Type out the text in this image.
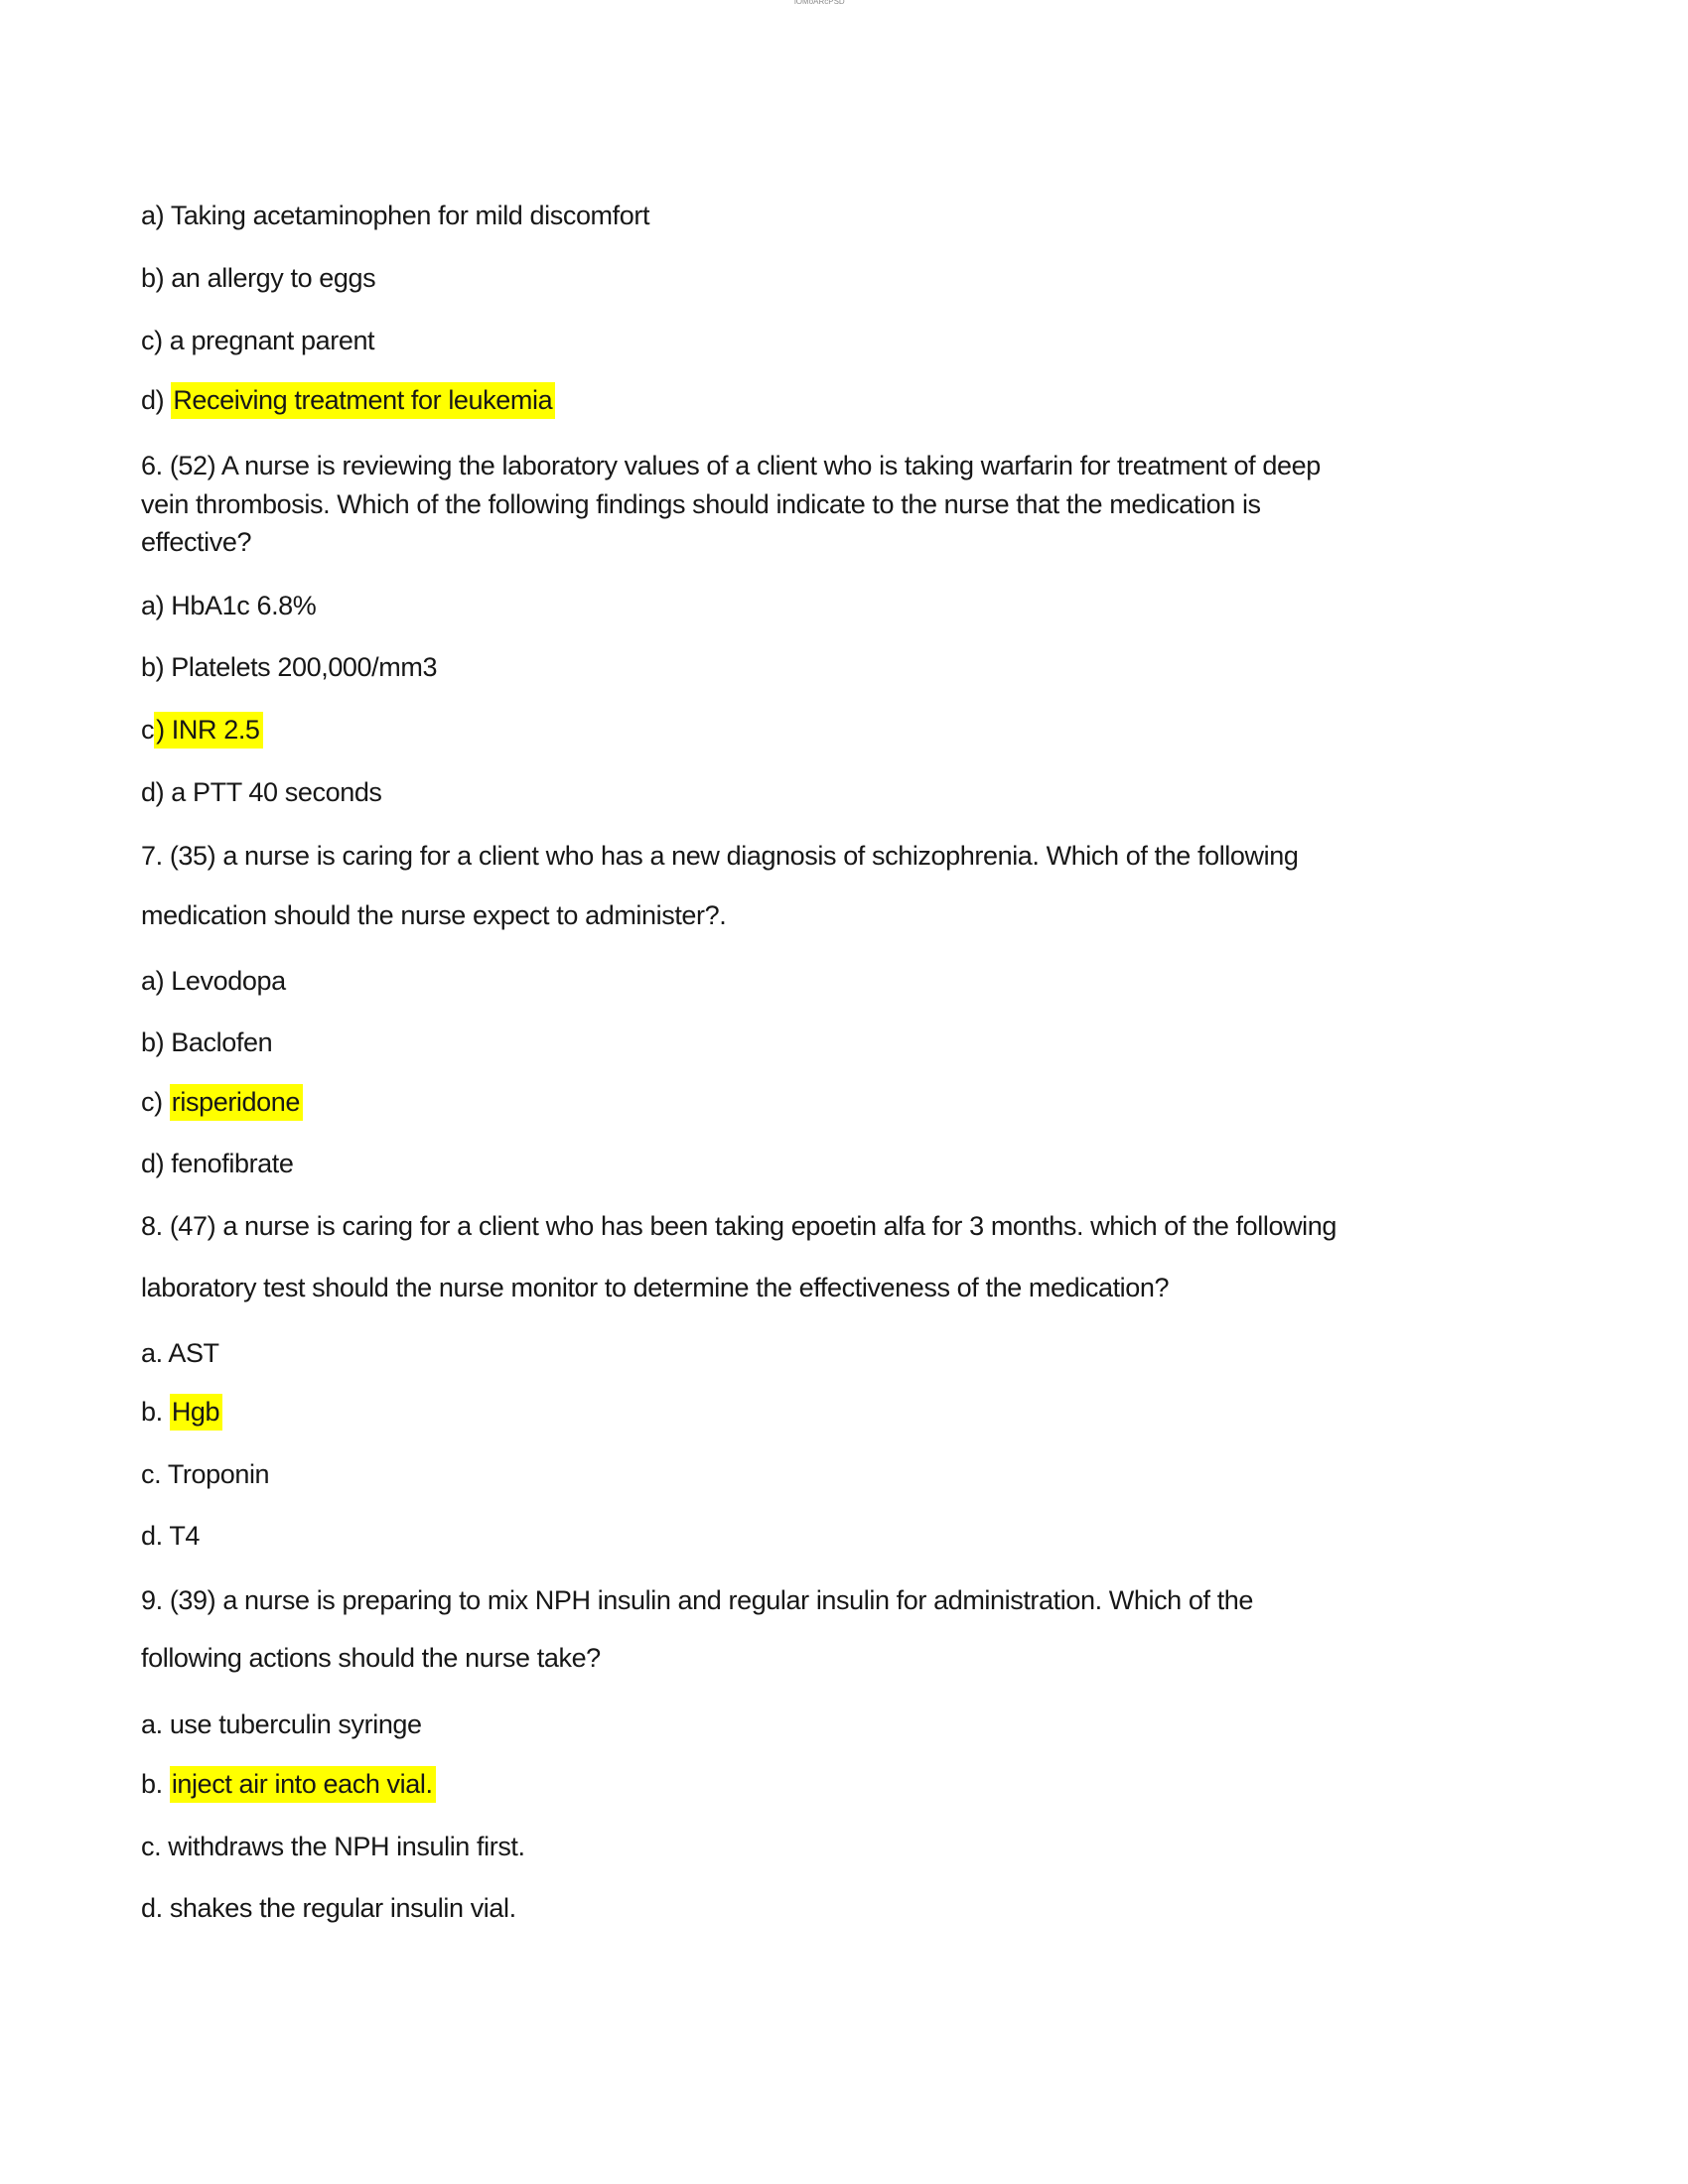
lOMoARcPSD

a) Taking acetaminophen for mild discomfort

b) an allergy to eggs

c) a pregnant parent

d) Receiving treatment for leukemia

6. (52) A nurse is reviewing the laboratory values of a client who is taking warfarin for treatment of deep

vein thrombosis. Which of the following findings should indicate to the nurse that the medication is

effective?

a) HbA1c 6.8%

b) Platelets 200,000/mm3

c) INR 2.5

d) a PTT 40 seconds

7. (35) a nurse is caring for a client who has a new diagnosis of schizophrenia. Which of the following

medication should the nurse expect to administer?.

a) Levodopa

b) Baclofen

c) risperidone

d) fenofibrate

8. (47) a nurse is caring for a client who has been taking epoetin alfa for 3 months. which of the following

laboratory test should the nurse monitor to determine the effectiveness of the medication?

a. AST

b. Hgb

c. Troponin

d. T4

9. (39) a nurse is preparing to mix NPH insulin and regular insulin for administration. Which of the

following actions should the nurse take?

a. use tuberculin syringe

b. inject air into each vial.

c. withdraws the NPH insulin first.

d. shakes the regular insulin vial.
